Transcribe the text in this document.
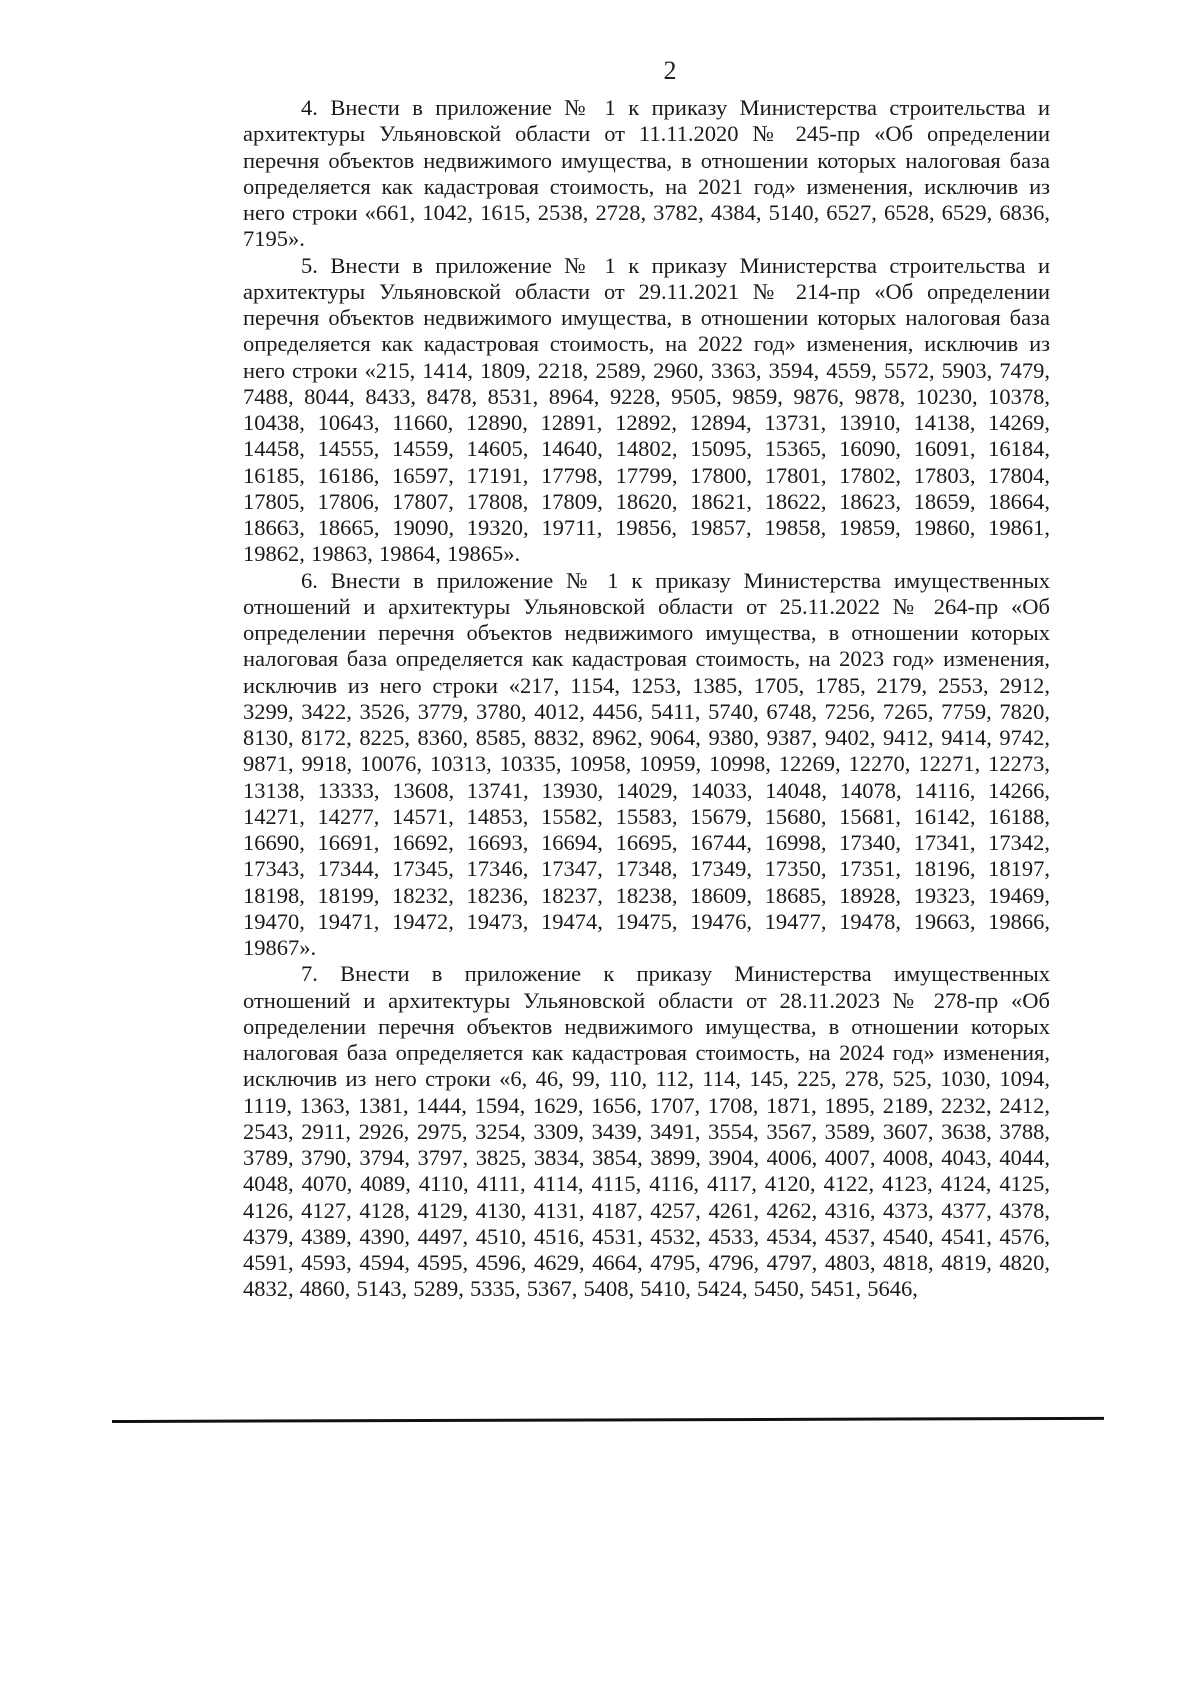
2

4. Внести в приложение № 1 к приказу Министерства строительства и архитектуры Ульяновской области от 11.11.2020 № 245-пр «Об определении перечня объектов недвижимого имущества, в отношении которых налоговая база определяется как кадастровая стоимость, на 2021 год» изменения, исключив из него строки «661, 1042, 1615, 2538, 2728, 3782, 4384, 5140, 6527, 6528, 6529, 6836, 7195».

5. Внести в приложение № 1 к приказу Министерства строительства и архитектуры Ульяновской области от 29.11.2021 № 214-пр «Об определении перечня объектов недвижимого имущества, в отношении которых налоговая база определяется как кадастровая стоимость, на 2022 год» изменения, исключив из него строки «215, 1414, 1809, 2218, 2589, 2960, 3363, 3594, 4559, 5572, 5903, 7479, 7488, 8044, 8433, 8478, 8531, 8964, 9228, 9505, 9859, 9876, 9878, 10230, 10378, 10438, 10643, 11660, 12890, 12891, 12892, 12894, 13731, 13910, 14138, 14269, 14458, 14555, 14559, 14605, 14640, 14802, 15095, 15365, 16090, 16091, 16184, 16185, 16186, 16597, 17191, 17798, 17799, 17800, 17801, 17802, 17803, 17804, 17805, 17806, 17807, 17808, 17809, 18620, 18621, 18622, 18623, 18659, 18664, 18663, 18665, 19090, 19320, 19711, 19856, 19857, 19858, 19859, 19860, 19861, 19862, 19863, 19864, 19865».

6. Внести в приложение № 1 к приказу Министерства имущественных отношений и архитектуры Ульяновской области от 25.11.2022 № 264-пр «Об определении перечня объектов недвижимого имущества, в отношении которых налоговая база определяется как кадастровая стоимость, на 2023 год» изменения, исключив из него строки «217, 1154, 1253, 1385, 1705, 1785, 2179, 2553, 2912, 3299, 3422, 3526, 3779, 3780, 4012, 4456, 5411, 5740, 6748, 7256, 7265, 7759, 7820, 8130, 8172, 8225, 8360, 8585, 8832, 8962, 9064, 9380, 9387, 9402, 9412, 9414, 9742, 9871, 9918, 10076, 10313, 10335, 10958, 10959, 10998, 12269, 12270, 12271, 12273, 13138, 13333, 13608, 13741, 13930, 14029, 14033, 14048, 14078, 14116, 14266, 14271, 14277, 14571, 14853, 15582, 15583, 15679, 15680, 15681, 16142, 16188, 16690, 16691, 16692, 16693, 16694, 16695, 16744, 16998, 17340, 17341, 17342, 17343, 17344, 17345, 17346, 17347, 17348, 17349, 17350, 17351, 18196, 18197, 18198, 18199, 18232, 18236, 18237, 18238, 18609, 18685, 18928, 19323, 19469, 19470, 19471, 19472, 19473, 19474, 19475, 19476, 19477, 19478, 19663, 19866, 19867».

7. Внести в приложение к приказу Министерства имущественных отношений и архитектуры Ульяновской области от 28.11.2023 № 278-пр «Об определении перечня объектов недвижимого имущества, в отношении которых налоговая база определяется как кадастровая стоимость, на 2024 год» изменения, исключив из него строки «6, 46, 99, 110, 112, 114, 145, 225, 278, 525, 1030, 1094, 1119, 1363, 1381, 1444, 1594, 1629, 1656, 1707, 1708, 1871, 1895, 2189, 2232, 2412, 2543, 2911, 2926, 2975, 3254, 3309, 3439, 3491, 3554, 3567, 3589, 3607, 3638, 3788, 3789, 3790, 3794, 3797, 3825, 3834, 3854, 3899, 3904, 4006, 4007, 4008, 4043, 4044, 4048, 4070, 4089, 4110, 4111, 4114, 4115, 4116, 4117, 4120, 4122, 4123, 4124, 4125, 4126, 4127, 4128, 4129, 4130, 4131, 4187, 4257, 4261, 4262, 4316, 4373, 4377, 4378, 4379, 4389, 4390, 4497, 4510, 4516, 4531, 4532, 4533, 4534, 4537, 4540, 4541, 4576, 4591, 4593, 4594, 4595, 4596, 4629, 4664, 4795, 4796, 4797, 4803, 4818, 4819, 4820, 4832, 4860, 5143, 5289, 5335, 5367, 5408, 5410, 5424, 5450, 5451, 5646,
